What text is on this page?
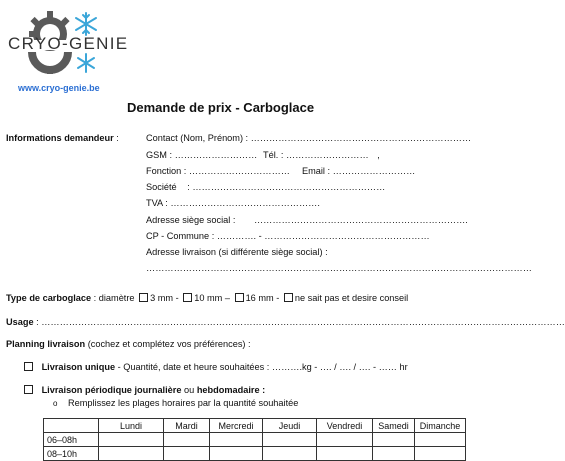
CRYO-GENIE
www.cryo-genie.be
Demande de prix - Carboglace
Informations demandeur :	Contact (Nom, Prénom) : ………………………………………………………………
GSM : ……………………… Tél. : ……………………… ,
Fonction : …………………………… Email : ………………………
Société : ………………………………………………………
TVA : ………………………………………….
Adresse siège social : …………………………………………………………….
CP - Commune : …………. - ………………………………………………
Adresse livraison (si différente siège social) :
………………………………………………………………………………………………………………
Type de carboglace : diamètre 3 mm - 10 mm – 16 mm - ne sait pas et desire conseil
Usage : ………………………………………………………………………………………………………………………………………………………
Planning livraison (cochez et complétez vos préférences) :
Livraison unique - Quantité, date et heure souhaitées : ……….kg - …. / …. / …. - …… hr
Livraison périodique journalière ou hebdomadaire :
o Remplissez les plages horaires par la quantité souhaitée
	Lundi	Mardi	Mercredi	Jeudi	Vendredi	Samedi	Dimanche
06–08h							
08–10h							
